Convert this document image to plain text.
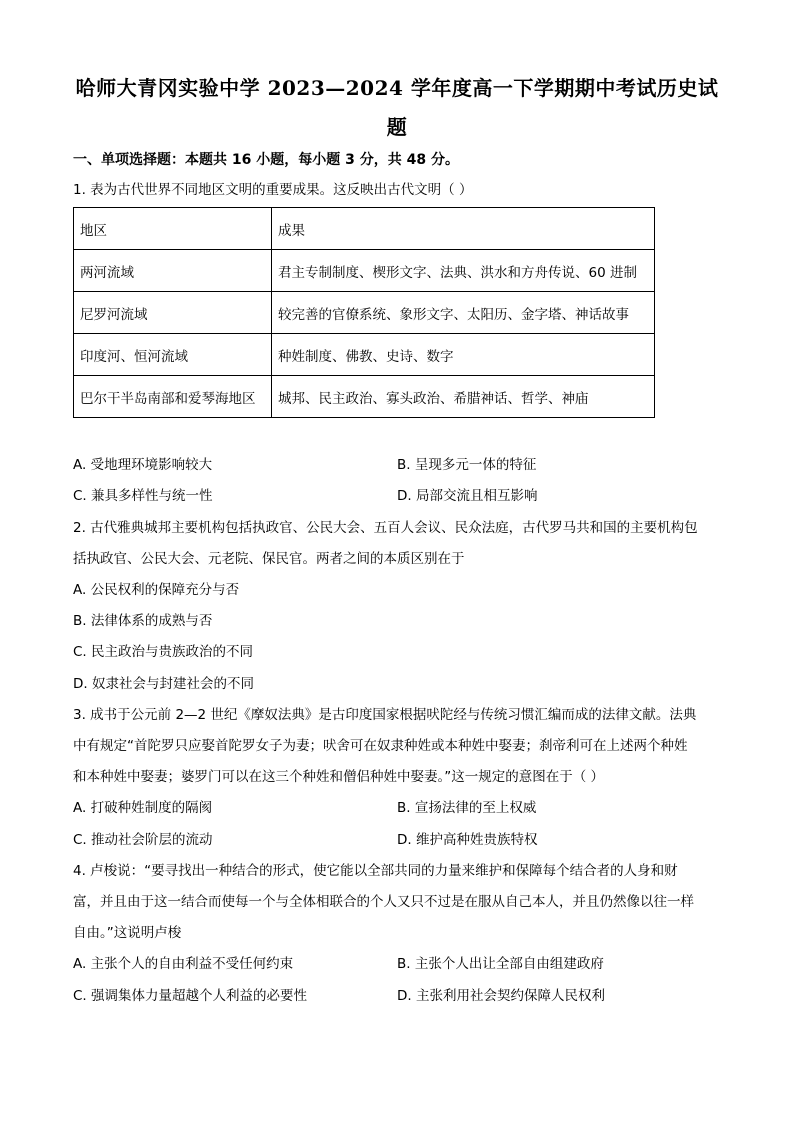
哈师大青冈实验中学 2023—2024 学年度高一下学期期中考试历史试
题
一、单项选择题：本题共 16 小题，每小题 3 分，共 48 分。
1. 表为古代世界不同地区文明的重要成果。这反映出古代文明（ ）
地区	成果
两河流域	君主专制制度、楔形文字、法典、洪水和方舟传说、60 进制
尼罗河流域	较完善的官僚系统、象形文字、太阳历、金字塔、神话故事
印度河、恒河流域	种姓制度、佛教、史诗、数字
巴尔干半岛南部和爱琴海地区	城邦、民主政治、寡头政治、希腊神话、哲学、神庙
A. 受地理环境影响较大	B. 呈现多元一体的特征
C. 兼具多样性与统一性	D. 局部交流且相互影响
2. 古代雅典城邦主要机构包括执政官、公民大会、五百人会议、民众法庭，古代罗马共和国的主要机构包
括执政官、公民大会、元老院、保民官。两者之间的本质区别在于
A. 公民权利的保障充分与否
B. 法律体系的成熟与否
C. 民主政治与贵族政治的不同
D. 奴隶社会与封建社会的不同
3. 成书于公元前 2—2 世纪《摩奴法典》是古印度国家根据吠陀经与传统习惯汇编而成的法律文献。法典
中有规定“首陀罗只应娶首陀罗女子为妻；吠舍可在奴隶种姓或本种姓中娶妻；刹帝利可在上述两个种姓
和本种姓中娶妻；婆罗门可以在这三个种姓和僧侣种姓中娶妻。”这一规定的意图在于（ ）
A. 打破种姓制度的隔阂	B. 宣扬法律的至上权威
C. 推动社会阶层的流动	D. 维护高种姓贵族特权
4. 卢梭说：“要寻找出一种结合的形式，使它能以全部共同的力量来维护和保障每个结合者的人身和财
富，并且由于这一结合而使每一个与全体相联合的个人又只不过是在服从自己本人，并且仍然像以往一样
自由。”这说明卢梭
A. 主张个人的自由利益不受任何约束	B. 主张个人出让全部自由组建政府
C. 强调集体力量超越个人利益的必要性	D. 主张利用社会契约保障人民权利
